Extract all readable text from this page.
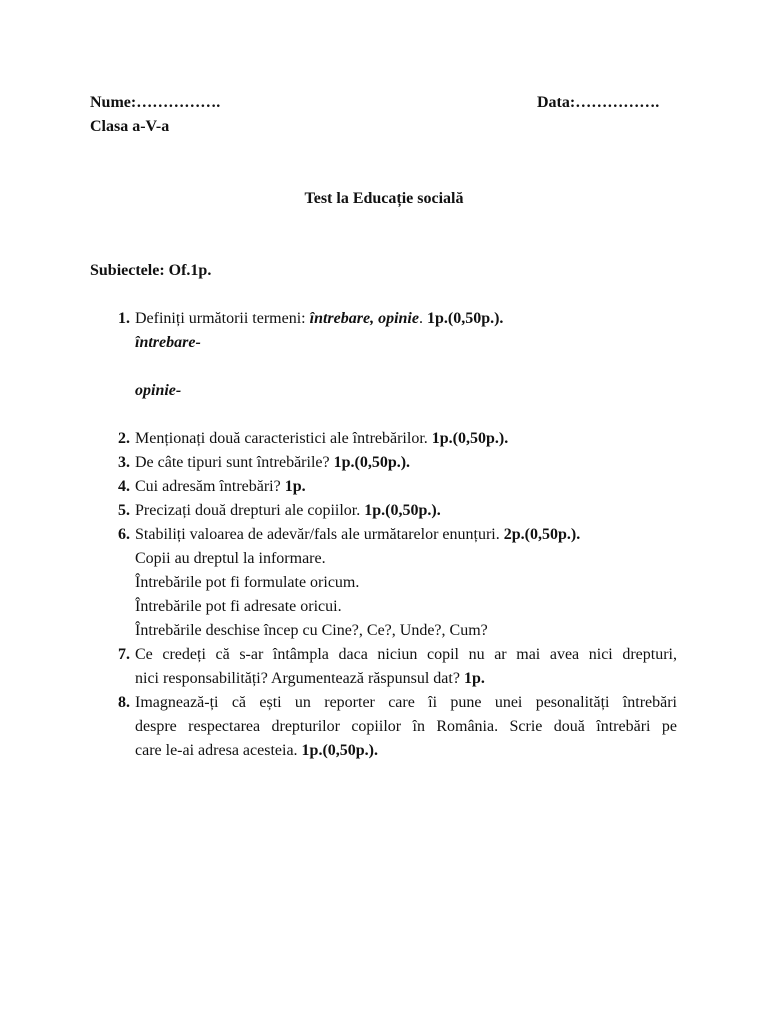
Nume:…………….	Data:…………….
Clasa a-V-a
Test la Educație socială
Subiectele: Of.1p.
1. Definiți următorii termeni: întrebare, opinie. 1p.(0,50p.).
întrebare-
opinie-
2. Menționați două caracteristici ale întrebărilor. 1p.(0,50p.).
3. De câte tipuri sunt întrebările? 1p.(0,50p.).
4. Cui adresăm întrebări? 1p.
5. Precizați două drepturi ale copiilor. 1p.(0,50p.).
6. Stabiliți valoarea de adevăr/fals ale următarelor enunțuri. 2p.(0,50p.).
Copii au dreptul la informare.
Întrebările pot fi formulate oricum.
Întrebările pot fi adresate oricui.
Întrebările deschise încep cu Cine?, Ce?, Unde?, Cum?
7. Ce credeți că s-ar întâmpla daca niciun copil nu ar mai avea nici drepturi,
nici responsabilități? Argumentează răspunsul dat? 1p.
8. Imagnează-ți că ești un reporter care îi pune unei pesonalități întrebări
despre respectarea drepturilor copiilor în România. Scrie două întrebări pe
care le-ai adresa acesteia. 1p.(0,50p.).
